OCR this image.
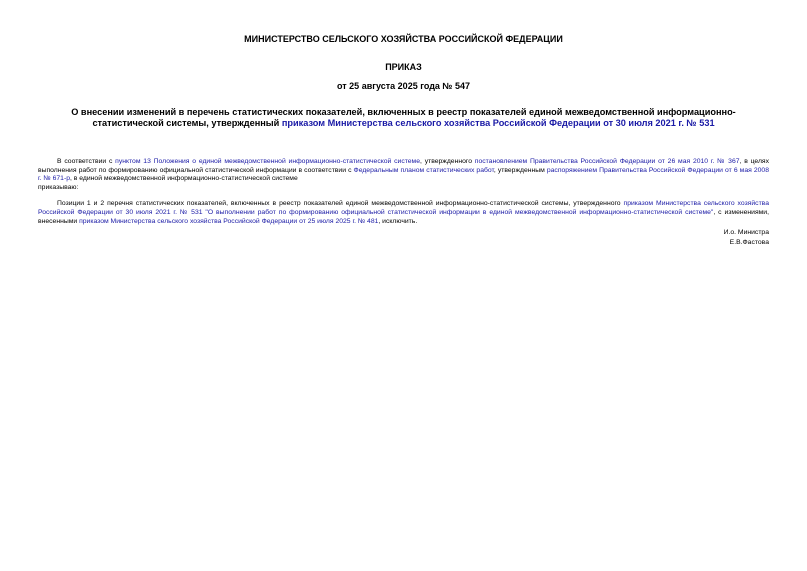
МИНИСТЕРСТВО СЕЛЬСКОГО ХОЗЯЙСТВА РОССИЙСКОЙ ФЕДЕРАЦИИ
ПРИКАЗ
от 25 августа 2025 года № 547
О внесении изменений в перечень статистических показателей, включенных в реестр показателей единой межведомственной информационно-статистической системы, утвержденный приказом Министерства сельского хозяйства Российской Федерации от 30 июля 2021 г. № 531

В соответствии с пунктом 13 Положения о единой межведомственной информационно-статистической системе, утвержденного постановлением Правительства Российской Федерации от 26 мая 2010 г. № 367, в целях выполнения работ по формированию официальной статистической информации в соответствии с Федеральным планом статистических работ, утвержденным распоряжением Правительства Российской Федерации от 6 мая 2008 г. № 671-р, в единой межведомственной информационно-статистической системе

приказываю:

Позиции 1 и 2 перечня статистических показателей, включенных в реестр показателей единой межведомственной информационно-статистической системы, утвержденного приказом Министерства сельского хозяйства Российской Федерации от 30 июля 2021 г. № 531 "О выполнении работ по формированию официальной статистической информации в единой межведомственной информационно-статистической системе", с изменениями, внесенными приказом Министерства сельского хозяйства Российской Федерации от 25 июля 2025 г. № 481, исключить.

И.о. Министра
Е.В.Фастова
